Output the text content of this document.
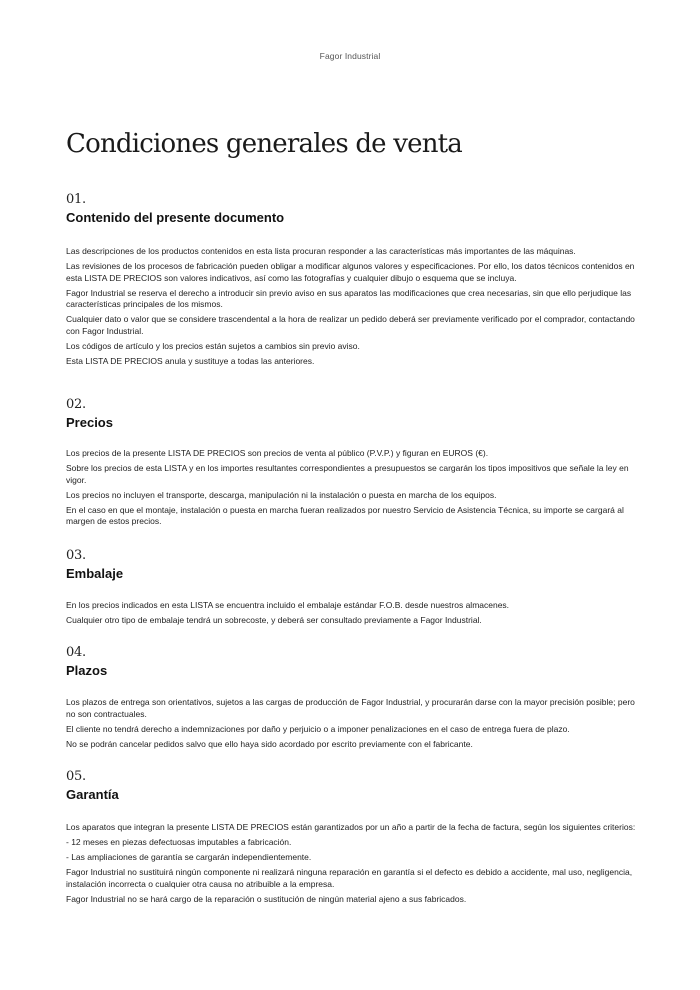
Fagor Industrial
Condiciones generales de venta
01.
Contenido del presente documento

Las descripciones de los productos contenidos en esta lista procuran responder a las características más importantes de las máquinas.

Las revisiones de los procesos de fabricación pueden obligar a modificar algunos valores y especificaciones. Por ello, los datos técnicos contenidos en esta LISTA DE PRECIOS son valores indicativos, así como las fotografías y cualquier dibujo o esquema que se incluya.

Fagor Industrial se reserva el derecho a introducir sin previo aviso en sus aparatos las modificaciones que crea necesarias, sin que ello perjudique las características principales de los mismos.

Cualquier dato o valor que se considere trascendental a la hora de realizar un pedido deberá ser previamente verificado por el comprador, contactando con Fagor Industrial.

Los códigos de artículo y los precios están sujetos a cambios sin previo aviso.

Esta LISTA DE PRECIOS anula y sustituye a todas las anteriores.

02.
Precios

Los precios de la presente LISTA DE PRECIOS son precios de venta al público (P.V.P.) y figuran en EUROS (€).

Sobre los precios de esta LISTA y en los importes resultantes correspondientes a presupuestos se cargarán los tipos impositivos que señale la ley en vigor.

Los precios no incluyen el transporte, descarga, manipulación ni la instalación o puesta en marcha de los equipos.

En el caso en que el montaje, instalación o puesta en marcha fueran realizados por nuestro Servicio de Asistencia Técnica, su importe se cargará al margen de estos precios.

03.
Embalaje

En los precios indicados en esta LISTA se encuentra incluido el embalaje estándar F.O.B. desde nuestros almacenes.

Cualquier otro tipo de embalaje tendrá un sobrecoste, y deberá ser consultado previamente a Fagor Industrial.

04.
Plazos

Los plazos de entrega son orientativos, sujetos a las cargas de producción de Fagor Industrial, y procurarán darse con la mayor precisión posible; pero no son contractuales.

El cliente no tendrá derecho a indemnizaciones por daño y perjuicio o a imponer penalizaciones en el caso de entrega fuera de plazo.

No se podrán cancelar pedidos salvo que ello haya sido acordado por escrito previamente con el fabricante.

05.
Garantía

Los aparatos que integran la presente LISTA DE PRECIOS están garantizados por un año a partir de la fecha de factura, según los siguientes criterios:

- 12 meses en piezas defectuosas imputables a fabricación.

- Las ampliaciones de garantía se cargarán independientemente.

Fagor Industrial no sustituirá ningún componente ni realizará ninguna reparación en garantía si el defecto es debido a accidente, mal uso, negligencia, instalación incorrecta o cualquier otra causa no atribuible a la empresa.

Fagor Industrial no se hará cargo de la reparación o sustitución de ningún material ajeno a sus fabricados.
